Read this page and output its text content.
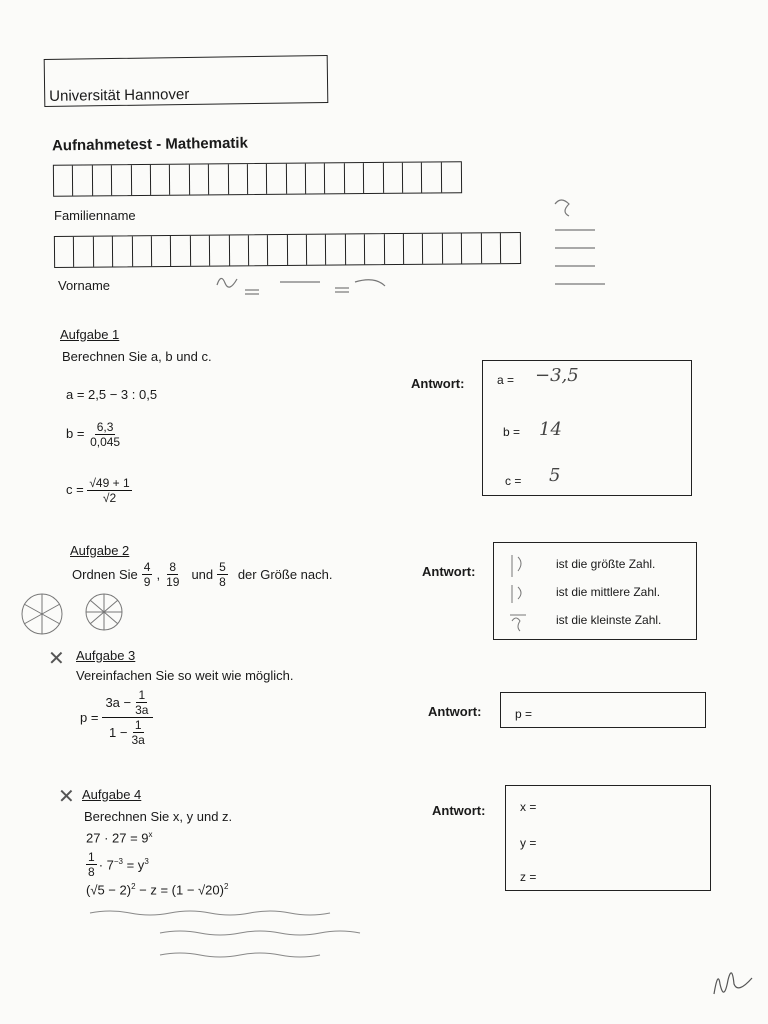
Universität Hannover
Aufnahmetest - Mathematik
Familienname
Vorname
Aufgabe 1
Berechnen Sie a, b und c.
a = 2,5 − 3 : 0,5
$b = \frac{6,3}{0,045}$
$c = \frac{√49 + 1}{√2}$
Antwort:	a = −3,5
b = 14
c = 5
Aufgabe 2
Ordnen Sie $\frac{4}{9}$ , $\frac{8}{19}$ und $\frac{5}{8}$ der Größe nach.	Antwort:	ist die größte Zahl.
ist die mittlere Zahl.
ist die kleinste Zahl.
✕ Aufgabe 3
Vereinfachen Sie so weit wie möglich.
$p = \frac{3a - \frac{1}{3a}}{1 - \frac{1}{3a}}$	Antwort:	p =
✕ Aufgabe 4
Berechnen Sie x, y und z.
$27 \cdot 27 = 9^x$
$\frac{1}{8} \cdot 7^{-3} = y^3$
$(√5 - 2)^2 - z = (1 - √20)^2$
Antwort:	x =
y =
z =
